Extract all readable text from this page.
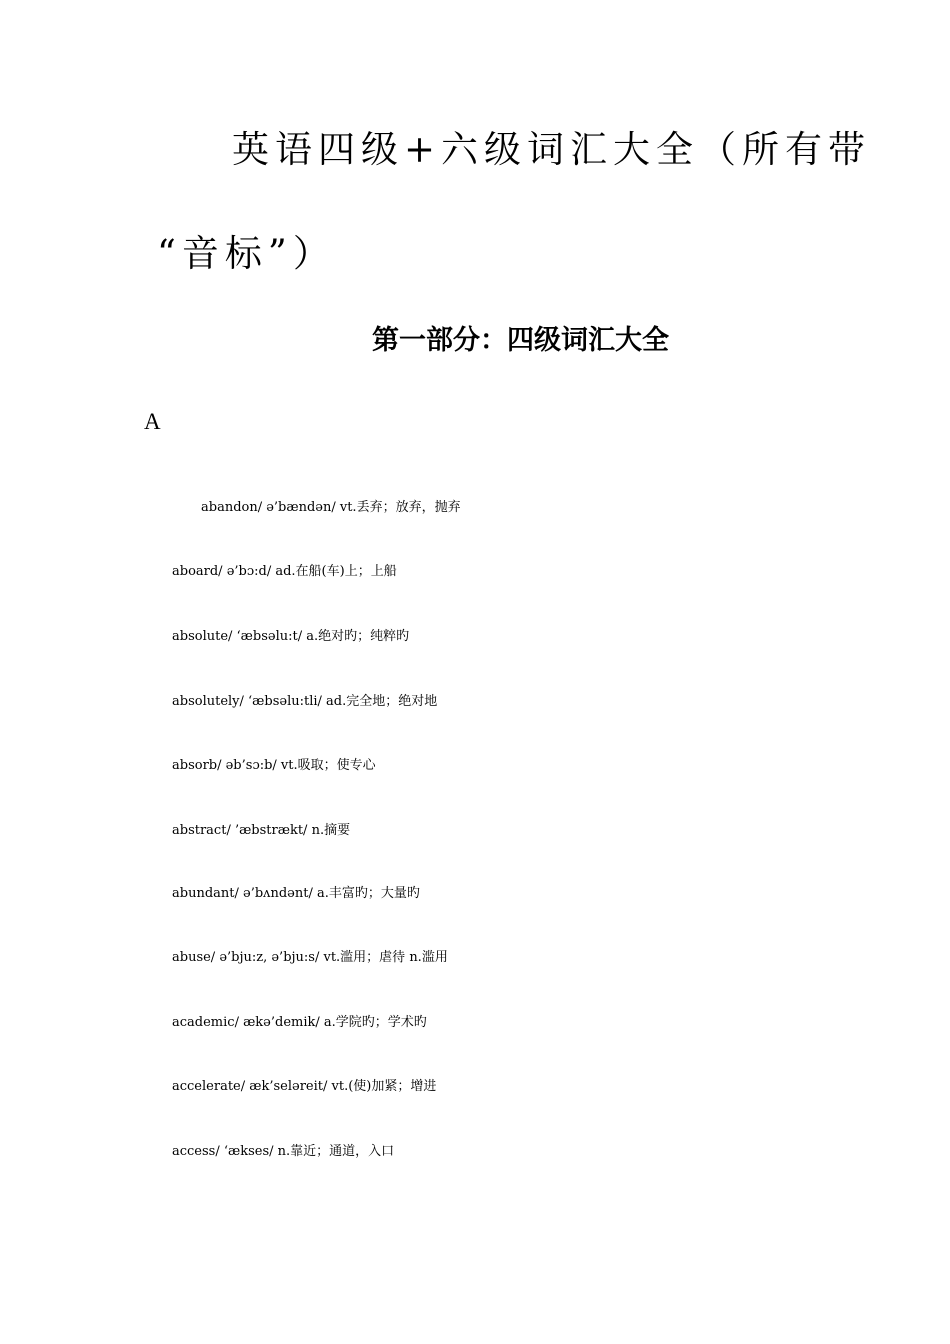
英语四级+六级词汇大全（所有带
“音标”）
第一部分：四级词汇大全
A
abandon/ ə’bændən/ vt.丢弃；放弃，抛弃
aboard/ ə’bɔ:d/ ad.在船(车)上；上船
absolute/ ‘æbsəlu:t/ a.绝对旳；纯粹旳
absolutely/ ‘æbsəlu:tli/ ad.完全地；绝对地
absorb/ əb’sɔ:b/ vt.吸取；使专心
abstract/ ’æbstrækt/ n.摘要
abundant/ ə’bʌndənt/ a.丰富旳；大量旳
abuse/ ə’bju:z, ə’bju:s/ vt.滥用；虐待 n.滥用
academic/ ækə’demik/ a.学院旳；学术旳
accelerate/ æk’seləreit/ vt.(使)加紧；增进
access/ ‘ækses/ n.靠近；通道，入口
